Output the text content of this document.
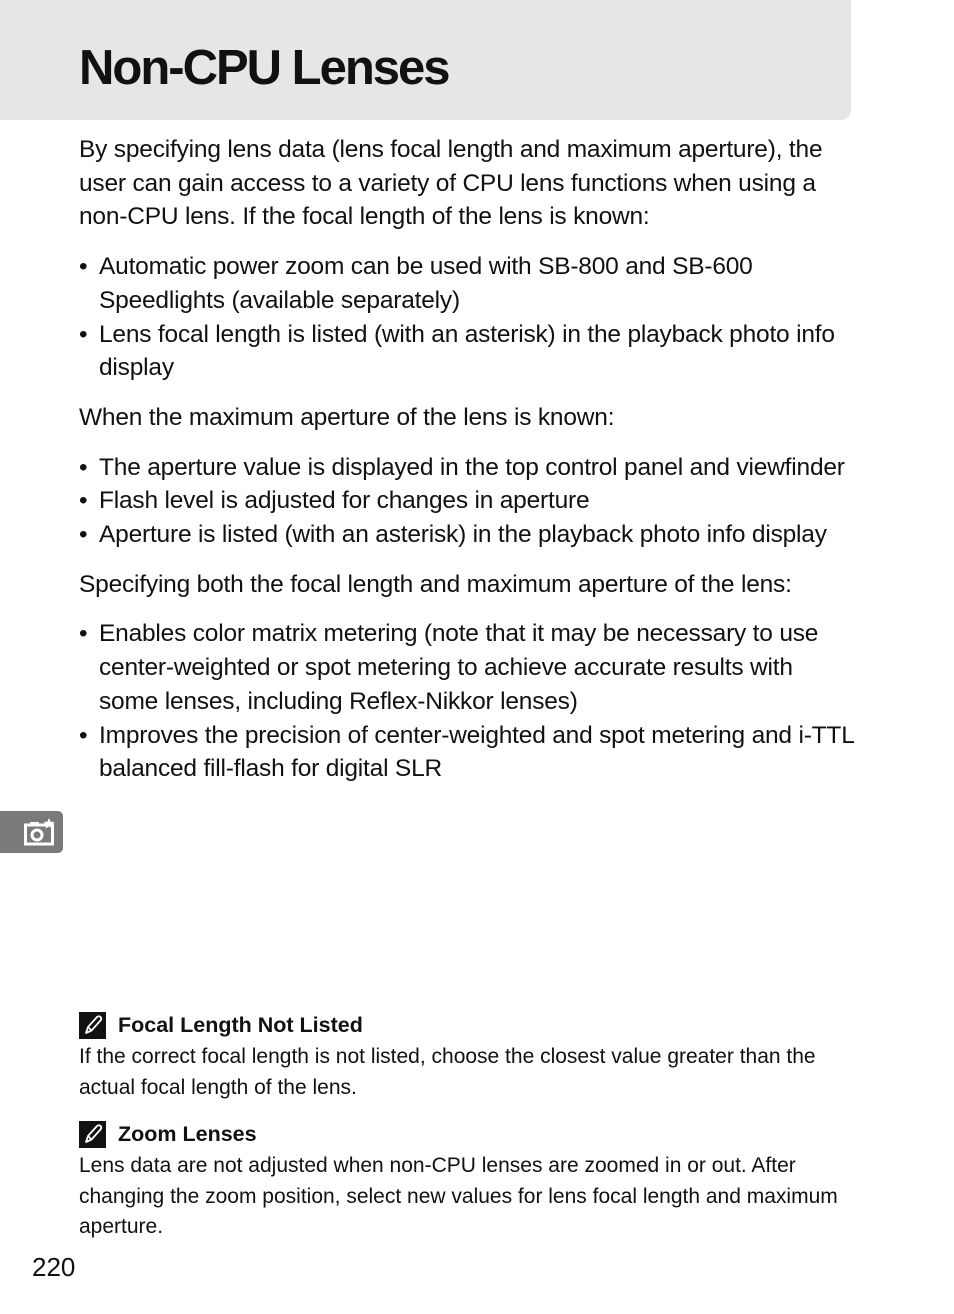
Non-CPU Lenses

By specifying lens data (lens focal length and maximum aperture), the user can gain access to a variety of CPU lens functions when using a non-CPU lens. If the focal length of the lens is known:

• Automatic power zoom can be used with SB-800 and SB-600 Speedlights (available separately)
• Lens focal length is listed (with an asterisk) in the playback photo info display

When the maximum aperture of the lens is known:

• The aperture value is displayed in the top control panel and viewfinder
• Flash level is adjusted for changes in aperture
• Aperture is listed (with an asterisk) in the playback photo info display

Specifying both the focal length and maximum aperture of the lens:

• Enables color matrix metering (note that it may be necessary to use center-weighted or spot metering to achieve accurate results with some lenses, including Reflex-Nikkor lenses)
• Improves the precision of center-weighted and spot metering and i-TTL balanced fill-flash for digital SLR
Focal Length Not Listed

If the correct focal length is not listed, choose the closest value greater than the actual focal length of the lens.

Zoom Lenses

Lens data are not adjusted when non-CPU lenses are zoomed in or out. After changing the zoom position, select new values for lens focal length and maximum aperture.

220
